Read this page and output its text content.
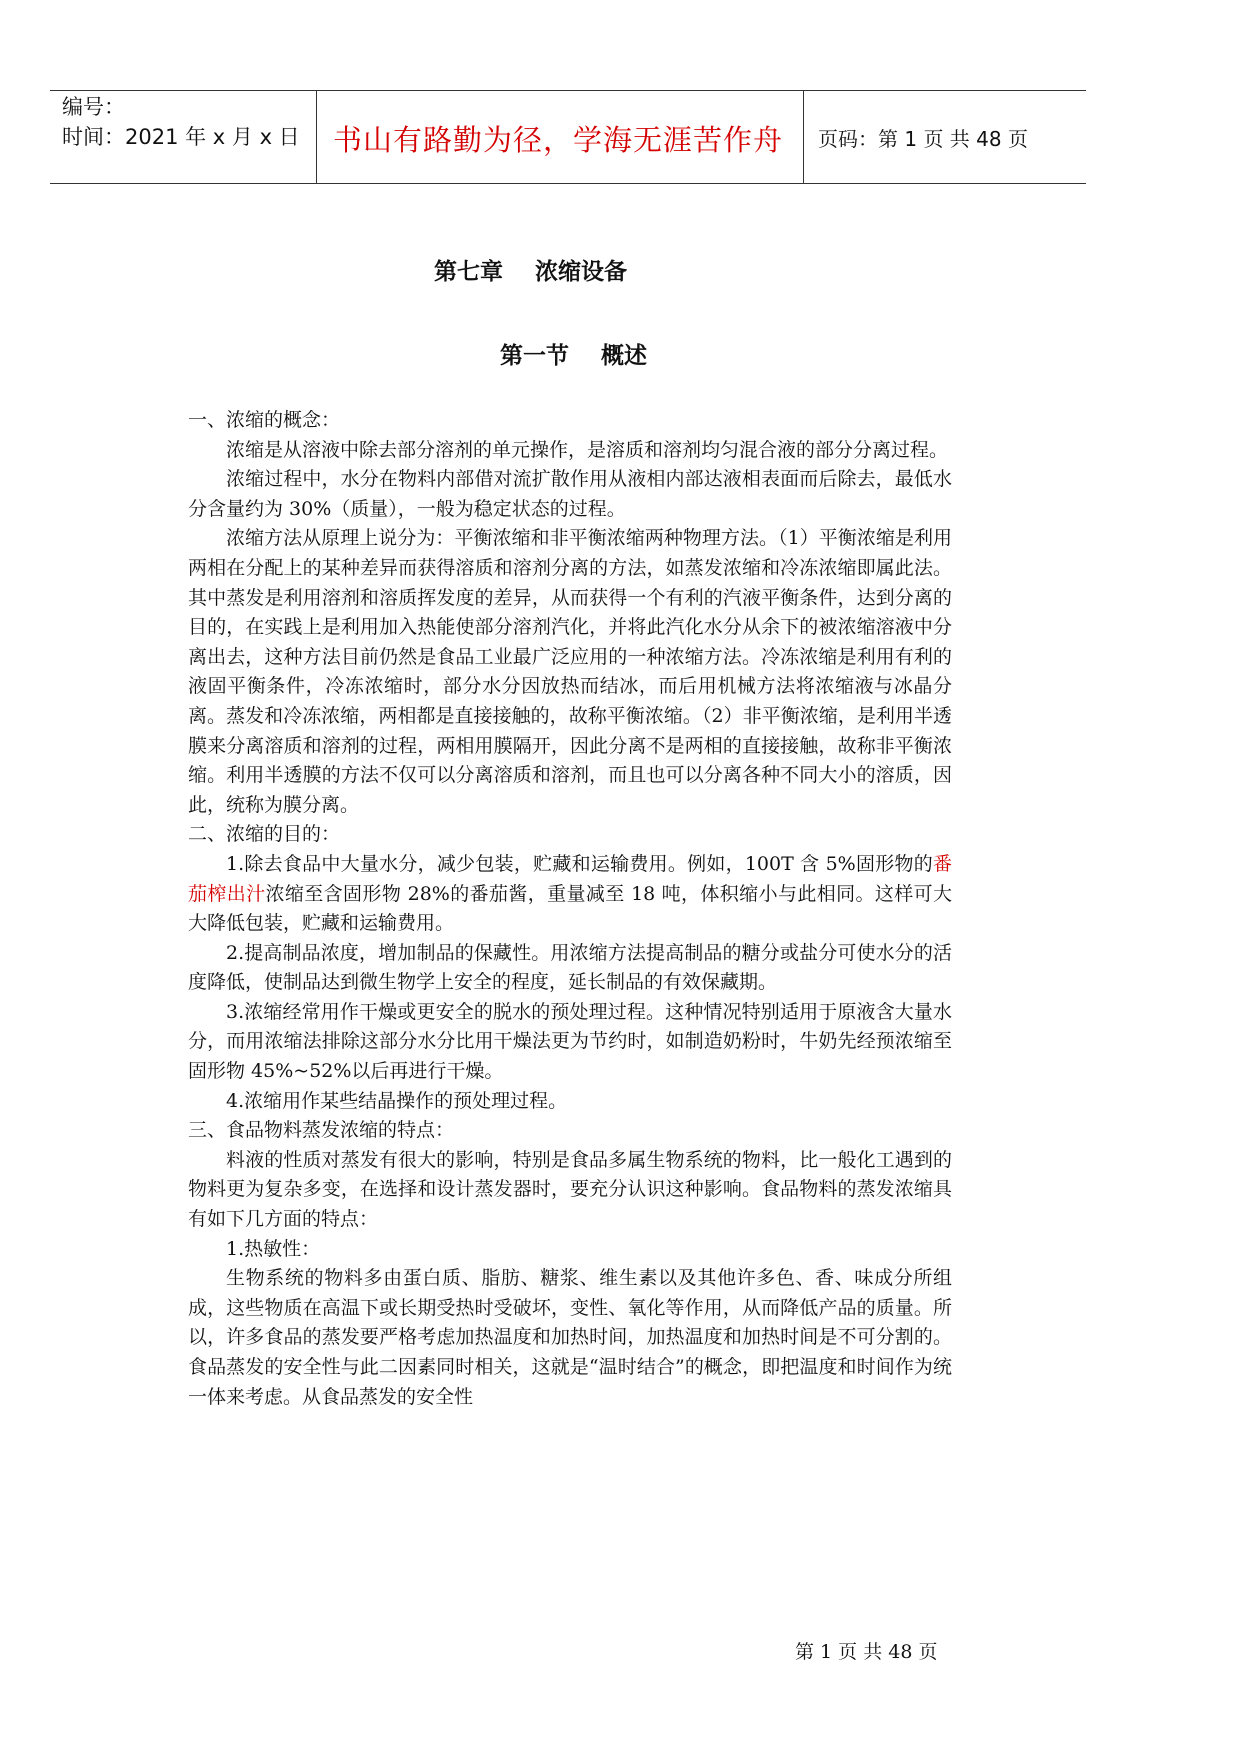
编号：
时间：2021 年 x 月 x 日	书山有路勤为径，学海无涯苦作舟	页码：第 1 页 共 48 页
第七章    浓缩设备
第一节    概述

一、浓缩的概念：

浓缩是从溶液中除去部分溶剂的单元操作，是溶质和溶剂均匀混合液的部分分离过程。

浓缩过程中，水分在物料内部借对流扩散作用从液相内部达液相表面而后除去，最低水分含量约为 30%（质量），一般为稳定状态的过程。

浓缩方法从原理上说分为：平衡浓缩和非平衡浓缩两种物理方法。（1）平衡浓缩是利用两相在分配上的某种差异而获得溶质和溶剂分离的方法，如蒸发浓缩和冷冻浓缩即属此法。其中蒸发是利用溶剂和溶质挥发度的差异，从而获得一个有利的汽液平衡条件，达到分离的目的，在实践上是利用加入热能使部分溶剂汽化，并将此汽化水分从余下的被浓缩溶液中分离出去，这种方法目前仍然是食品工业最广泛应用的一种浓缩方法。冷冻浓缩是利用有利的液固平衡条件，冷冻浓缩时，部分水分因放热而结冰，而后用机械方法将浓缩液与冰晶分离。蒸发和冷冻浓缩，两相都是直接接触的，故称平衡浓缩。（2）非平衡浓缩，是利用半透膜来分离溶质和溶剂的过程，两相用膜隔开，因此分离不是两相的直接接触，故称非平衡浓缩。利用半透膜的方法不仅可以分离溶质和溶剂，而且也可以分离各种不同大小的溶质，因此，统称为膜分离。

二、浓缩的目的：

1.除去食品中大量水分，减少包装，贮藏和运输费用。例如，100T 含 5%固形物的番茄榨出汁浓缩至含固形物 28%的番茄酱，重量减至 18 吨，体积缩小与此相同。这样可大大降低包装，贮藏和运输费用。

2.提高制品浓度，增加制品的保藏性。用浓缩方法提高制品的糖分或盐分可使水分的活度降低，使制品达到微生物学上安全的程度，延长制品的有效保藏期。

3.浓缩经常用作干燥或更安全的脱水的预处理过程。这种情况特别适用于原液含大量水分，而用浓缩法排除这部分水分比用干燥法更为节约时，如制造奶粉时，牛奶先经预浓缩至固形物 45%~52%以后再进行干燥。

4.浓缩用作某些结晶操作的预处理过程。

三、食品物料蒸发浓缩的特点：

料液的性质对蒸发有很大的影响，特别是食品多属生物系统的物料，比一般化工遇到的物料更为复杂多变，在选择和设计蒸发器时，要充分认识这种影响。食品物料的蒸发浓缩具有如下几方面的特点：

1.热敏性：

生物系统的物料多由蛋白质、脂肪、糖浆、维生素以及其他许多色、香、味成分所组成，这些物质在高温下或长期受热时受破坏，变性、氧化等作用，从而降低产品的质量。所以，许多食品的蒸发要严格考虑加热温度和加热时间，加热温度和加热时间是不可分割的。食品蒸发的安全性与此二因素同时相关，这就是“温时结合”的概念，即把温度和时间作为统一体来考虑。从食品蒸发的安全性

第 1 页 共 48 页
